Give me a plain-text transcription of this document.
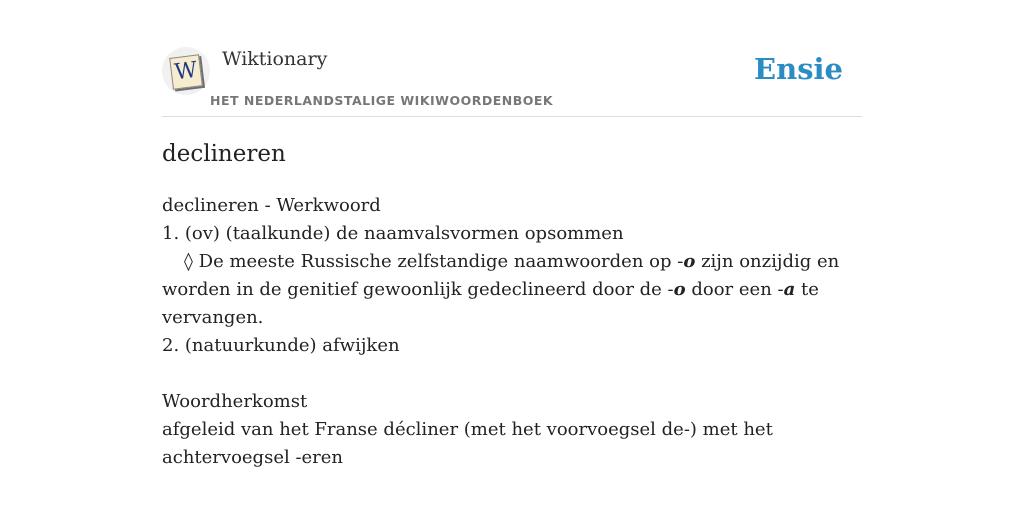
W Wiktionary
HET NEDERLANDSTALIGE WIKIWOORDENBOEK
Ensie
declineren
declineren - Werkwoord
1. (ov) (taalkunde) de naamvalsvormen opsommen
◊ De meeste Russische zelfstandige naamwoorden op -o zijn onzijdig en worden in de genitief gewoonlijk gedeclineerd door de -o door een -a te vervangen.
2. (natuurkunde) afwijken
Woordherkomst
afgeleid van het Franse décliner (met het voorvoegsel de-) met het achtervoegsel -eren
